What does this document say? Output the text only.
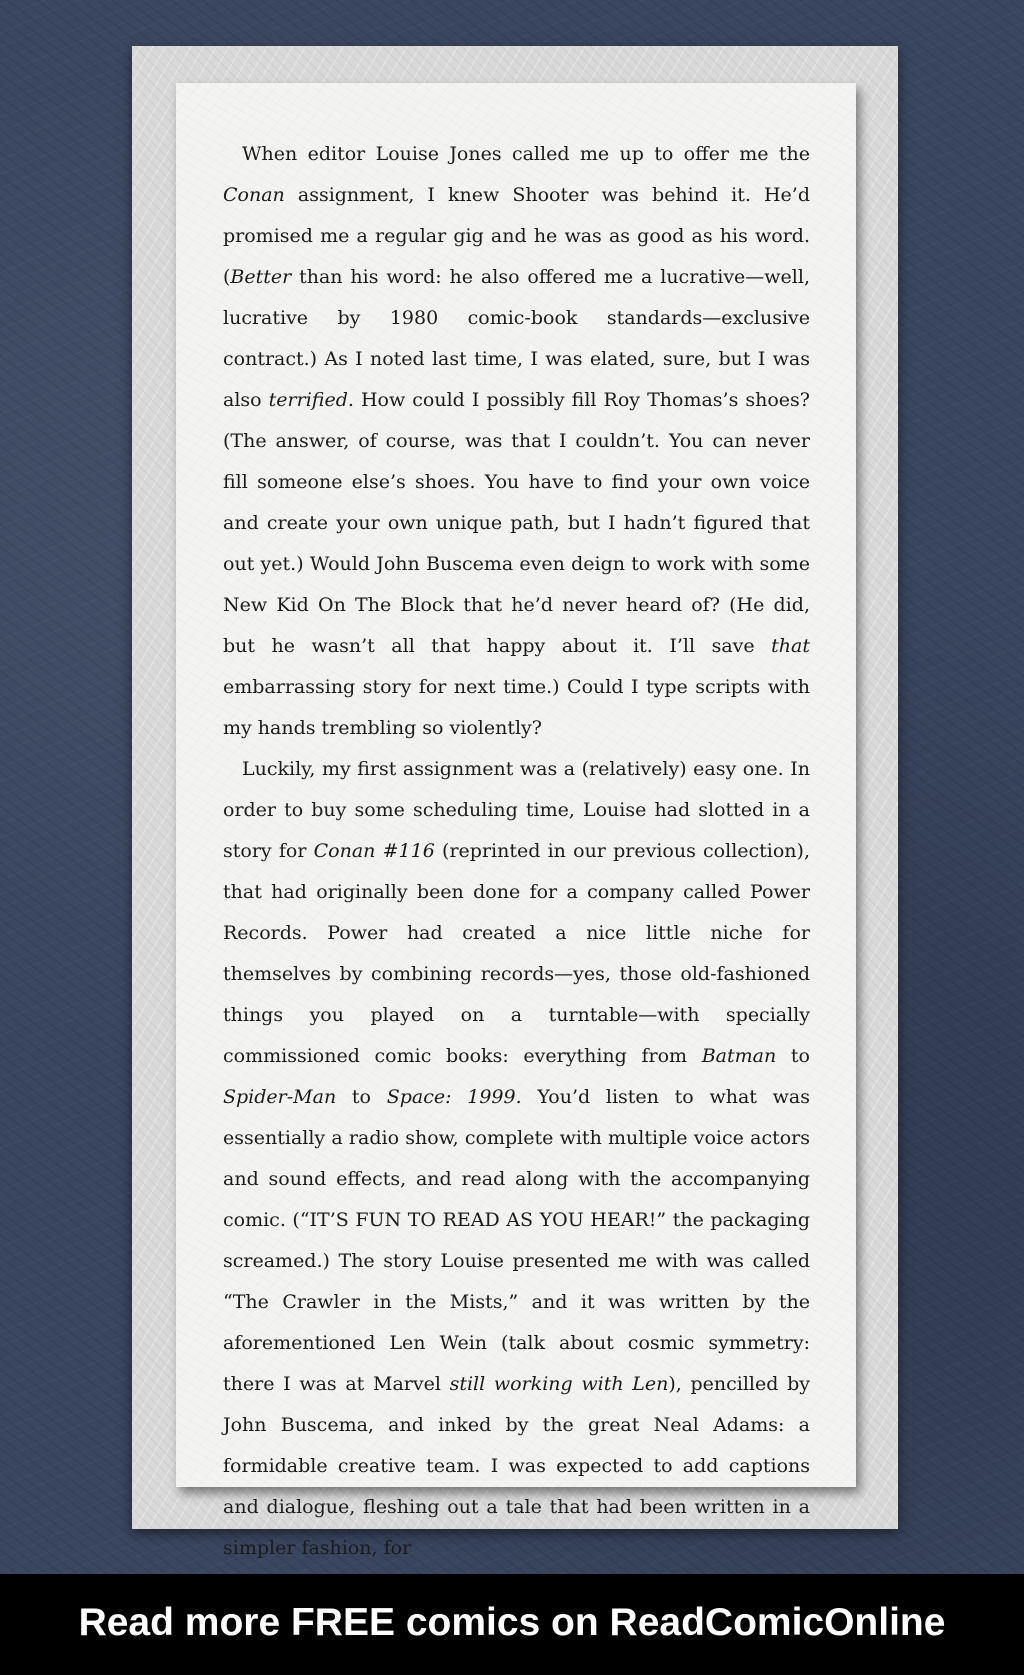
When editor Louise Jones called me up to offer me the Conan assignment, I knew Shooter was behind it. He’d promised me a regular gig and he was as good as his word. (Better than his word: he also offered me a lucrative—well, lucrative by 1980 comic-book standards—exclusive contract.) As I noted last time, I was elated, sure, but I was also terrified. How could I possibly fill Roy Thomas’s shoes? (The answer, of course, was that I couldn’t. You can never fill someone else’s shoes. You have to find your own voice and create your own unique path, but I hadn’t figured that out yet.) Would John Buscema even deign to work with some New Kid On The Block that he’d never heard of? (He did, but he wasn’t all that happy about it. I’ll save that embarrassing story for next time.) Could I type scripts with my hands trembling so violently?

Luckily, my first assignment was a (relatively) easy one. In order to buy some scheduling time, Louise had slotted in a story for Conan #116 (reprinted in our previous collection), that had originally been done for a company called Power Records. Power had created a nice little niche for themselves by combining records—yes, those old-fashioned things you played on a turntable—with specially commissioned comic books: everything from Batman to Spider-Man to Space: 1999. You’d listen to what was essentially a radio show, complete with multiple voice actors and sound effects, and read along with the accompanying comic. (“IT’S FUN TO READ AS YOU HEAR!” the packaging screamed.) The story Louise presented me with was called “The Crawler in the Mists,” and it was written by the aforementioned Len Wein (talk about cosmic symmetry: there I was at Marvel still working with Len), pencilled by John Buscema, and inked by the great Neal Adams: a formidable creative team. I was expected to add captions and dialogue, fleshing out a tale that had been written in a simpler fashion, for

Read more FREE comics on ReadComicOnline
